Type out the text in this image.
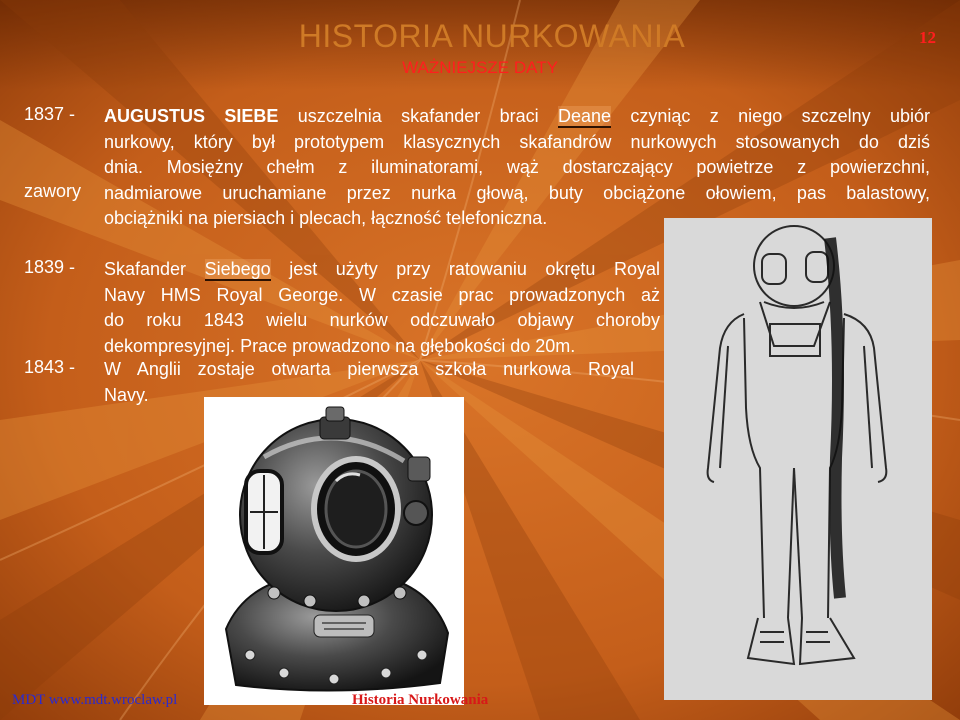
HISTORIA NURKOWANIA	12
WAŻNIEJSZE DATY
1837 -
zawory
1839 -
1843 -
AUGUSTUS SIEBE uszczelnia skafander braci Deane czyniąc z niego szczelny ubiór
nurkowy, który był prototypem klasycznych skafandrów nurkowych stosowanych do dziś
dnia. Mosiężny chełm z iluminatorami, wąż dostarczający powietrze z powierzchni,
nadmiarowe uruchamiane przez nurka głową, buty obciążone ołowiem, pas balastowy,
obciążniki na piersiach i plecach, łączność telefoniczna.
Skafander Siebego jest użyty przy ratowaniu okrętu Royal
Navy HMS Royal George. W czasie prac prowadzonych aż
do roku 1843 wielu nurków odczuwało objawy choroby
dekompresyjnej. Prace prowadzono na głębokości do 20m.
W Anglii zostaje otwarta pierwsza szkoła nurkowa Royal
Navy.
MDT www.mdt.wroclaw.pl	Historia Nurkowania
